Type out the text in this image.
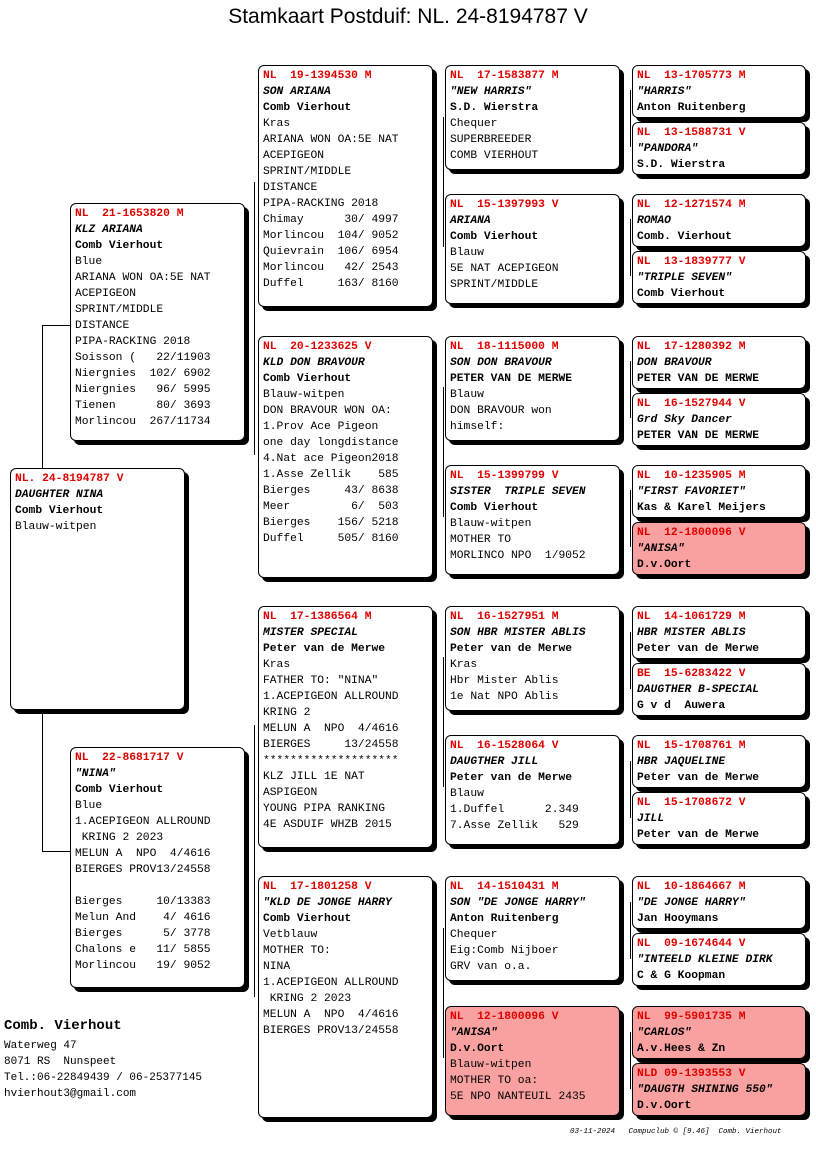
Stamkaart Postduif: NL. 24-8194787 V
NL. 24-8194787 V
DAUGHTER NINA
Comb Vierhout
Blauw-witpen
NL  21-1653820 M
KLZ ARIANA
Comb Vierhout
Blue
ARIANA WON OA:5E NAT
ACEPIGEON
SPRINT/MIDDLE
DISTANCE
PIPA-RACKING 2018
Soisson (   22/11903
Niergnies  102/ 6902
Niergnies   96/ 5995
Tienen      80/ 3693
Morlincou  267/11734
NL  22-8681717 V
"NINA"
Comb Vierhout
Blue
1.ACEPIGEON ALLROUND
KRING 2 2023
MELUN A  NPO  4/4616
BIERGES PROV13/24558
Bierges     10/13383
Melun And    4/ 4616
Bierges      5/ 3778
Chalons e   11/ 5855
Morlincou   19/ 9052
NL  19-1394530 M
SON ARIANA
Comb Vierhout
Kras
ARIANA WON OA:5E NAT
ACEPIGEON
SPRINT/MIDDLE
DISTANCE
PIPA-RACKING 2018
Chimay      30/ 4997
Morlincou  104/ 9052
Quievrain  106/ 6954
Morlincou   42/ 2543
Duffel     163/ 8160
NL  20-1233625 V
KLD DON BRAVOUR
Comb Vierhout
Blauw-witpen
DON BRAVOUR WON OA:
1.Prov Ace Pigeon
one day longdistance
4.Nat ace Pigeon2018
1.Asse Zellik    585
Bierges     43/ 8638
Meer         6/  503
Bierges    156/ 5218
Duffel     505/ 8160
NL  17-1386564 M
MISTER SPECIAL
Peter van de Merwe
Kras
FATHER TO: "NINA"
1.ACEPIGEON ALLROUND
KRING 2
MELUN A  NPO  4/4616
BIERGES     13/24558
********************
KLZ JILL 1E NAT
ASPIGEON
YOUNG PIPA RANKING
4E ASDUIF WHZB 2015
NL  17-1801258 V
"KLD DE JONGE HARRY
Comb Vierhout
Vetblauw
MOTHER TO:
NINA
1.ACEPIGEON ALLROUND
KRING 2 2023
MELUN A  NPO  4/4616
BIERGES PROV13/24558
NL  17-1583877 M
"NEW HARRIS"
S.D. Wierstra
Chequer
SUPERBREEDER
COMB VIERHOUT
NL  15-1397993 V
ARIANA
Comb Vierhout
Blauw
5E NAT ACEPIGEON
SPRINT/MIDDLE
NL  18-1115000 M
SON DON BRAVOUR
PETER VAN DE MERWE
Blauw
DON BRAVOUR won
himself:
NL  15-1399799 V
SISTER  TRIPLE SEVEN
Comb Vierhout
Blauw-witpen
MOTHER TO
MORLINCO NPO  1/9052
NL  16-1527951 M
SON HBR MISTER ABLIS
Peter van de Merwe
Kras
Hbr Mister Ablis
1e Nat NPO Ablis
NL  16-1528064 V
DAUGTHER JILL
Peter van de Merwe
Blauw
1.Duffel      2.349
7.Asse Zellik   529
NL  14-1510431 M
SON "DE JONGE HARRY"
Anton Ruitenberg
Chequer
Eig:Comb Nijboer
GRV van o.a.
NL  12-1800096 V
"ANISA"
D.v.Oort
Blauw-witpen
MOTHER TO oa:
5E NPO NANTEUIL 2435
NL  13-1705773 M
"HARRIS"
Anton Ruitenberg
NL  13-1588731 V
"PANDORA"
S.D. Wierstra
NL  12-1271574 M
ROMAO
Comb. Vierhout
NL  13-1839777 V
"TRIPLE SEVEN"
Comb Vierhout
NL  17-1280392 M
DON BRAVOUR
PETER VAN DE MERWE
NL  16-1527944 V
Grd Sky Dancer
PETER VAN DE MERWE
NL  10-1235905 M
"FIRST FAVORIET"
Kas & Karel Meijers
NL  12-1800096 V
"ANISA"
D.v.Oort
NL  14-1061729 M
HBR MISTER ABLIS
Peter van de Merwe
BE  15-6283422 V
DAUGTHER B-SPECIAL
G v d  Auwera
NL  15-1708761 M
HBR JAQUELINE
Peter van de Merwe
NL  15-1708672 V
JILL
Peter van de Merwe
NL  10-1864667 M
"DE JONGE HARRY"
Jan Hooymans
NL  09-1674644 V
"INTEELD KLEINE DIRK
C & G Koopman
NL  99-5901735 M
"CARLOS"
A.v.Hees & Zn
NLD 09-1393553 V
"DAUGTH SHINING 550"
D.v.Oort
Comb. Vierhout
Waterweg 47
8071 RS  Nunspeet
Tel.:06-22849439 / 06-25377145
hvierhout3@gmail.com
03-11-2024   Compuclub © [9.46]  Comb. Vierhout
